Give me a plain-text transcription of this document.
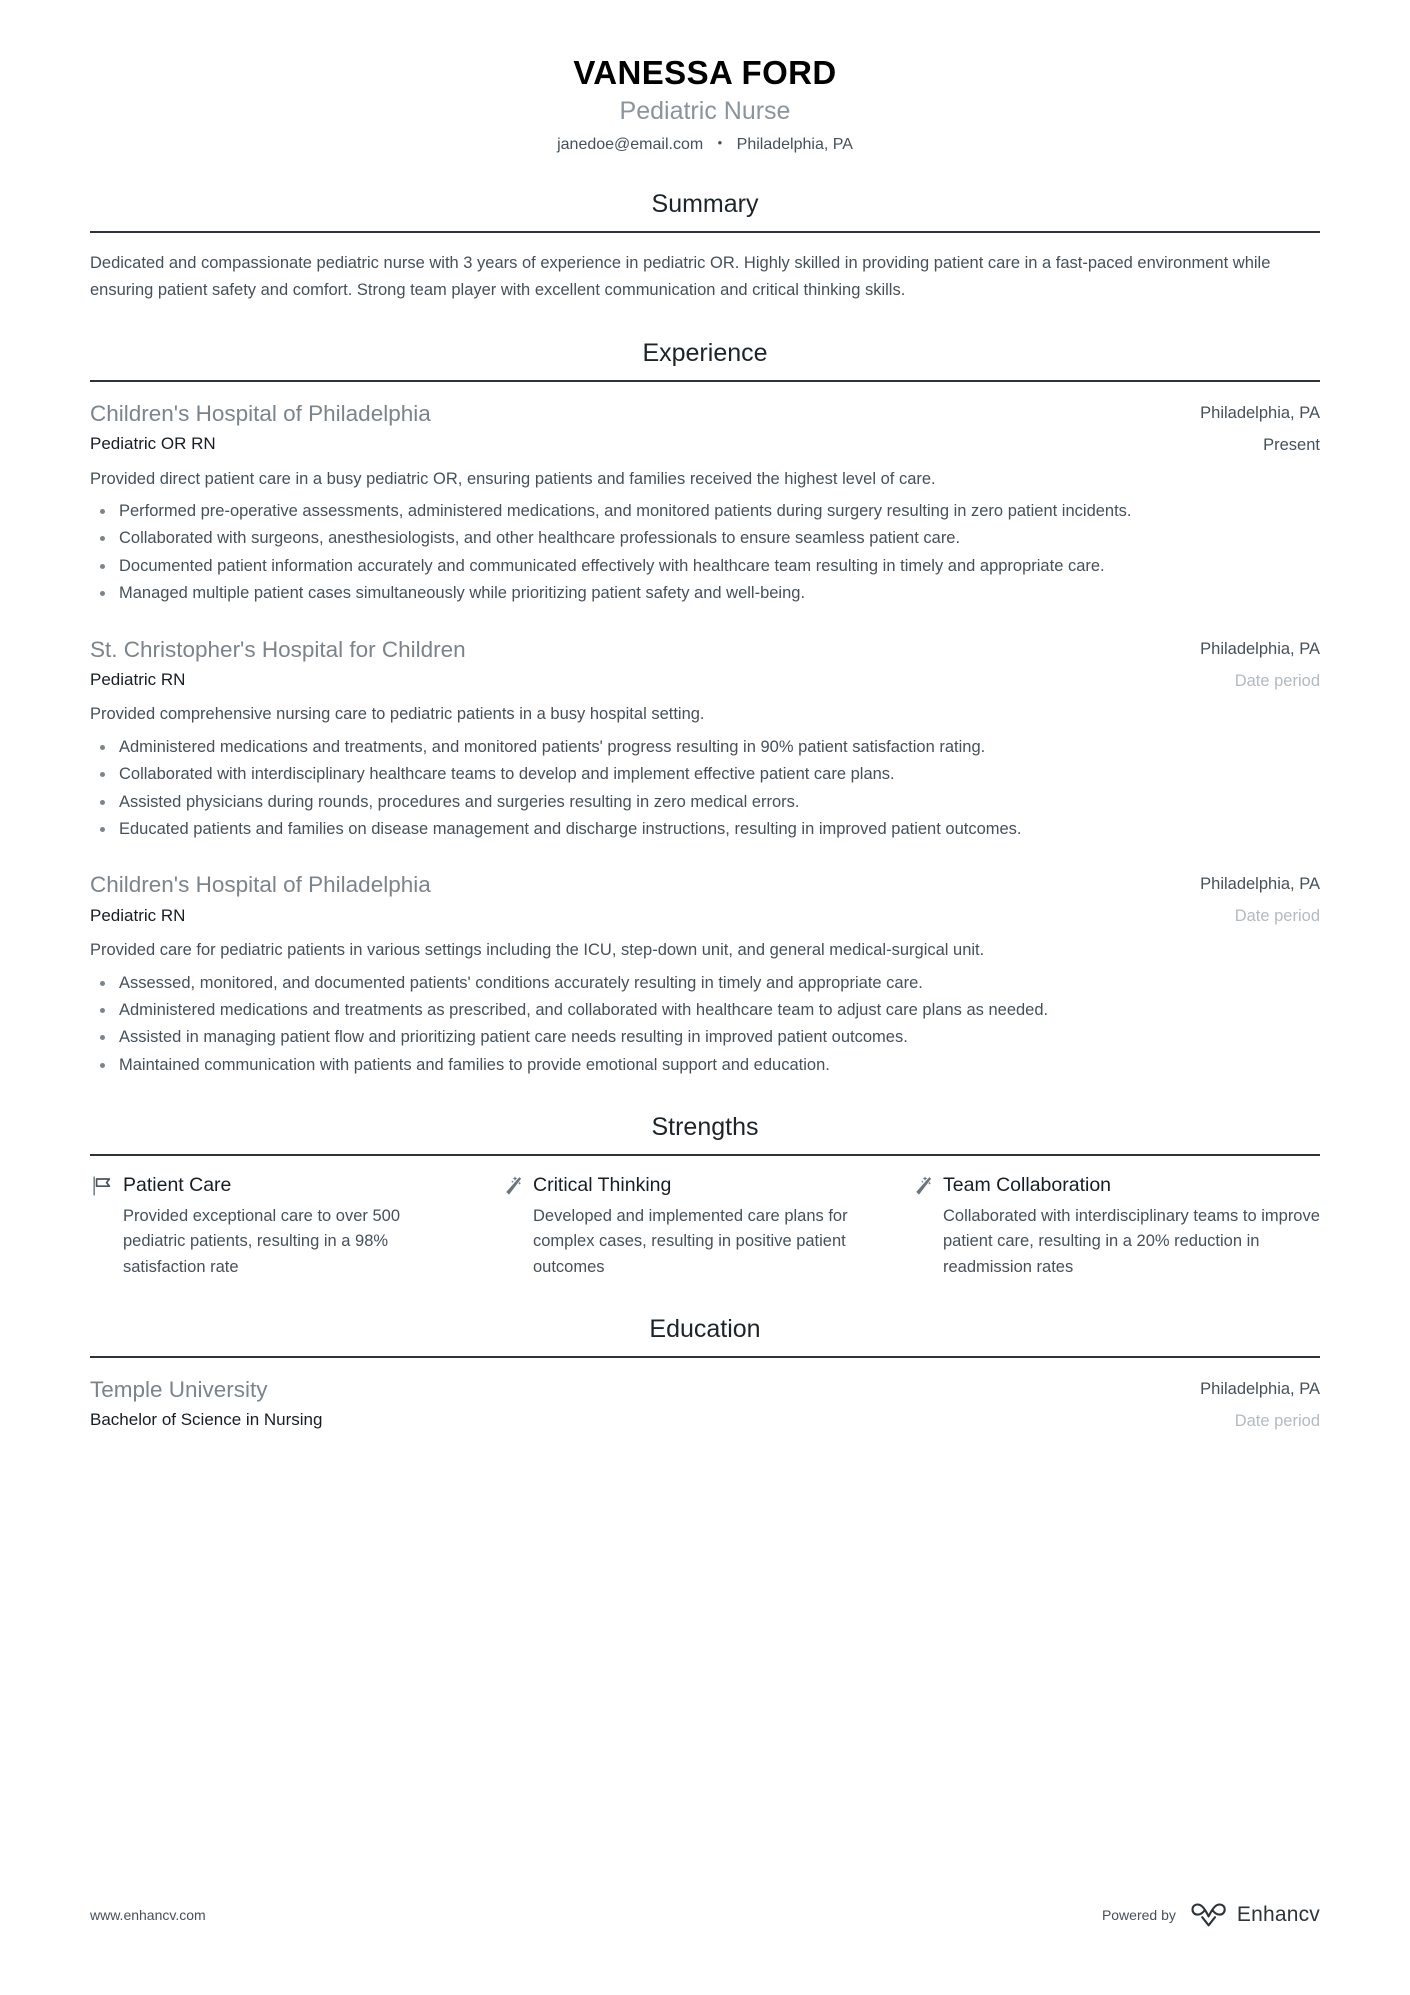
VANESSA FORD
Pediatric Nurse
janedoe@email.com • Philadelphia, PA
Summary
Dedicated and compassionate pediatric nurse with 3 years of experience in pediatric OR. Highly skilled in providing patient care in a fast-paced environment while ensuring patient safety and comfort. Strong team player with excellent communication and critical thinking skills.
Experience
Children's Hospital of Philadelphia
Pediatric OR RN
Philadelphia, PA
Present
Provided direct patient care in a busy pediatric OR, ensuring patients and families received the highest level of care.
Performed pre-operative assessments, administered medications, and monitored patients during surgery resulting in zero patient incidents.
Collaborated with surgeons, anesthesiologists, and other healthcare professionals to ensure seamless patient care.
Documented patient information accurately and communicated effectively with healthcare team resulting in timely and appropriate care.
Managed multiple patient cases simultaneously while prioritizing patient safety and well-being.
St. Christopher's Hospital for Children
Pediatric RN
Philadelphia, PA
Date period
Provided comprehensive nursing care to pediatric patients in a busy hospital setting.
Administered medications and treatments, and monitored patients' progress resulting in 90% patient satisfaction rating.
Collaborated with interdisciplinary healthcare teams to develop and implement effective patient care plans.
Assisted physicians during rounds, procedures and surgeries resulting in zero medical errors.
Educated patients and families on disease management and discharge instructions, resulting in improved patient outcomes.
Children's Hospital of Philadelphia
Pediatric RN
Philadelphia, PA
Date period
Provided care for pediatric patients in various settings including the ICU, step-down unit, and general medical-surgical unit.
Assessed, monitored, and documented patients' conditions accurately resulting in timely and appropriate care.
Administered medications and treatments as prescribed, and collaborated with healthcare team to adjust care plans as needed.
Assisted in managing patient flow and prioritizing patient care needs resulting in improved patient outcomes.
Maintained communication with patients and families to provide emotional support and education.
Strengths
Patient Care
Provided exceptional care to over 500 pediatric patients, resulting in a 98% satisfaction rate
Critical Thinking
Developed and implemented care plans for complex cases, resulting in positive patient outcomes
Team Collaboration
Collaborated with interdisciplinary teams to improve patient care, resulting in a 20% reduction in readmission rates
Education
Temple University
Bachelor of Science in Nursing
Philadelphia, PA
Date period
www.enhancv.com	Powered by	Enhancv
